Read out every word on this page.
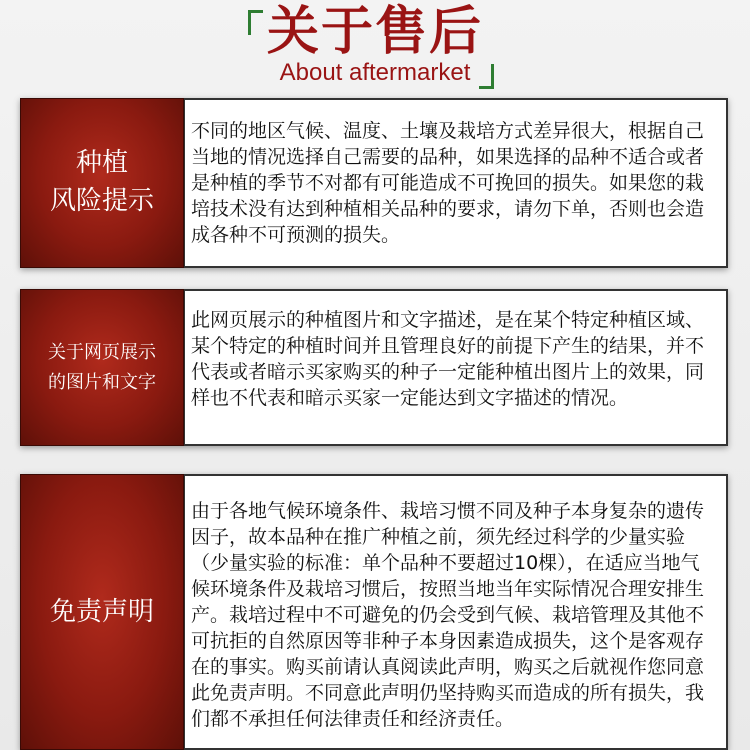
关于售后
About aftermarket
种植
风险提示
不同的地区气候、温度、土壤及栽培方式差异很大，根据自己当地的情况选择自己需要的品种，如果选择的品种不适合或者是种植的季节不对都有可能造成不可挽回的损失。如果您的栽培技术没有达到种植相关品种的要求，请勿下单，否则也会造成各种不可预测的损失。
关于网页展示
的图片和文字
此网页展示的种植图片和文字描述，是在某个特定种植区域、某个特定的种植时间并且管理良好的前提下产生的结果，并不代表或者暗示买家购买的种子一定能种植出图片上的效果，同样也不代表和暗示买家一定能达到文字描述的情况。
免责声明
由于各地气候环境条件、栽培习惯不同及种子本身复杂的遗传因子，故本品种在推广种植之前，须先经过科学的少量实验（少量实验的标准：单个品种不要超过10棵），在适应当地气候环境条件及栽培习惯后，按照当地当年实际情况合理安排生产。栽培过程中不可避免的仍会受到气候、栽培管理及其他不可抗拒的自然原因等非种子本身因素造成损失，这个是客观存在的事实。购买前请认真阅读此声明，购买之后就视作您同意此免责声明。不同意此声明仍坚持购买而造成的所有损失，我们都不承担任何法律责任和经济责任。
